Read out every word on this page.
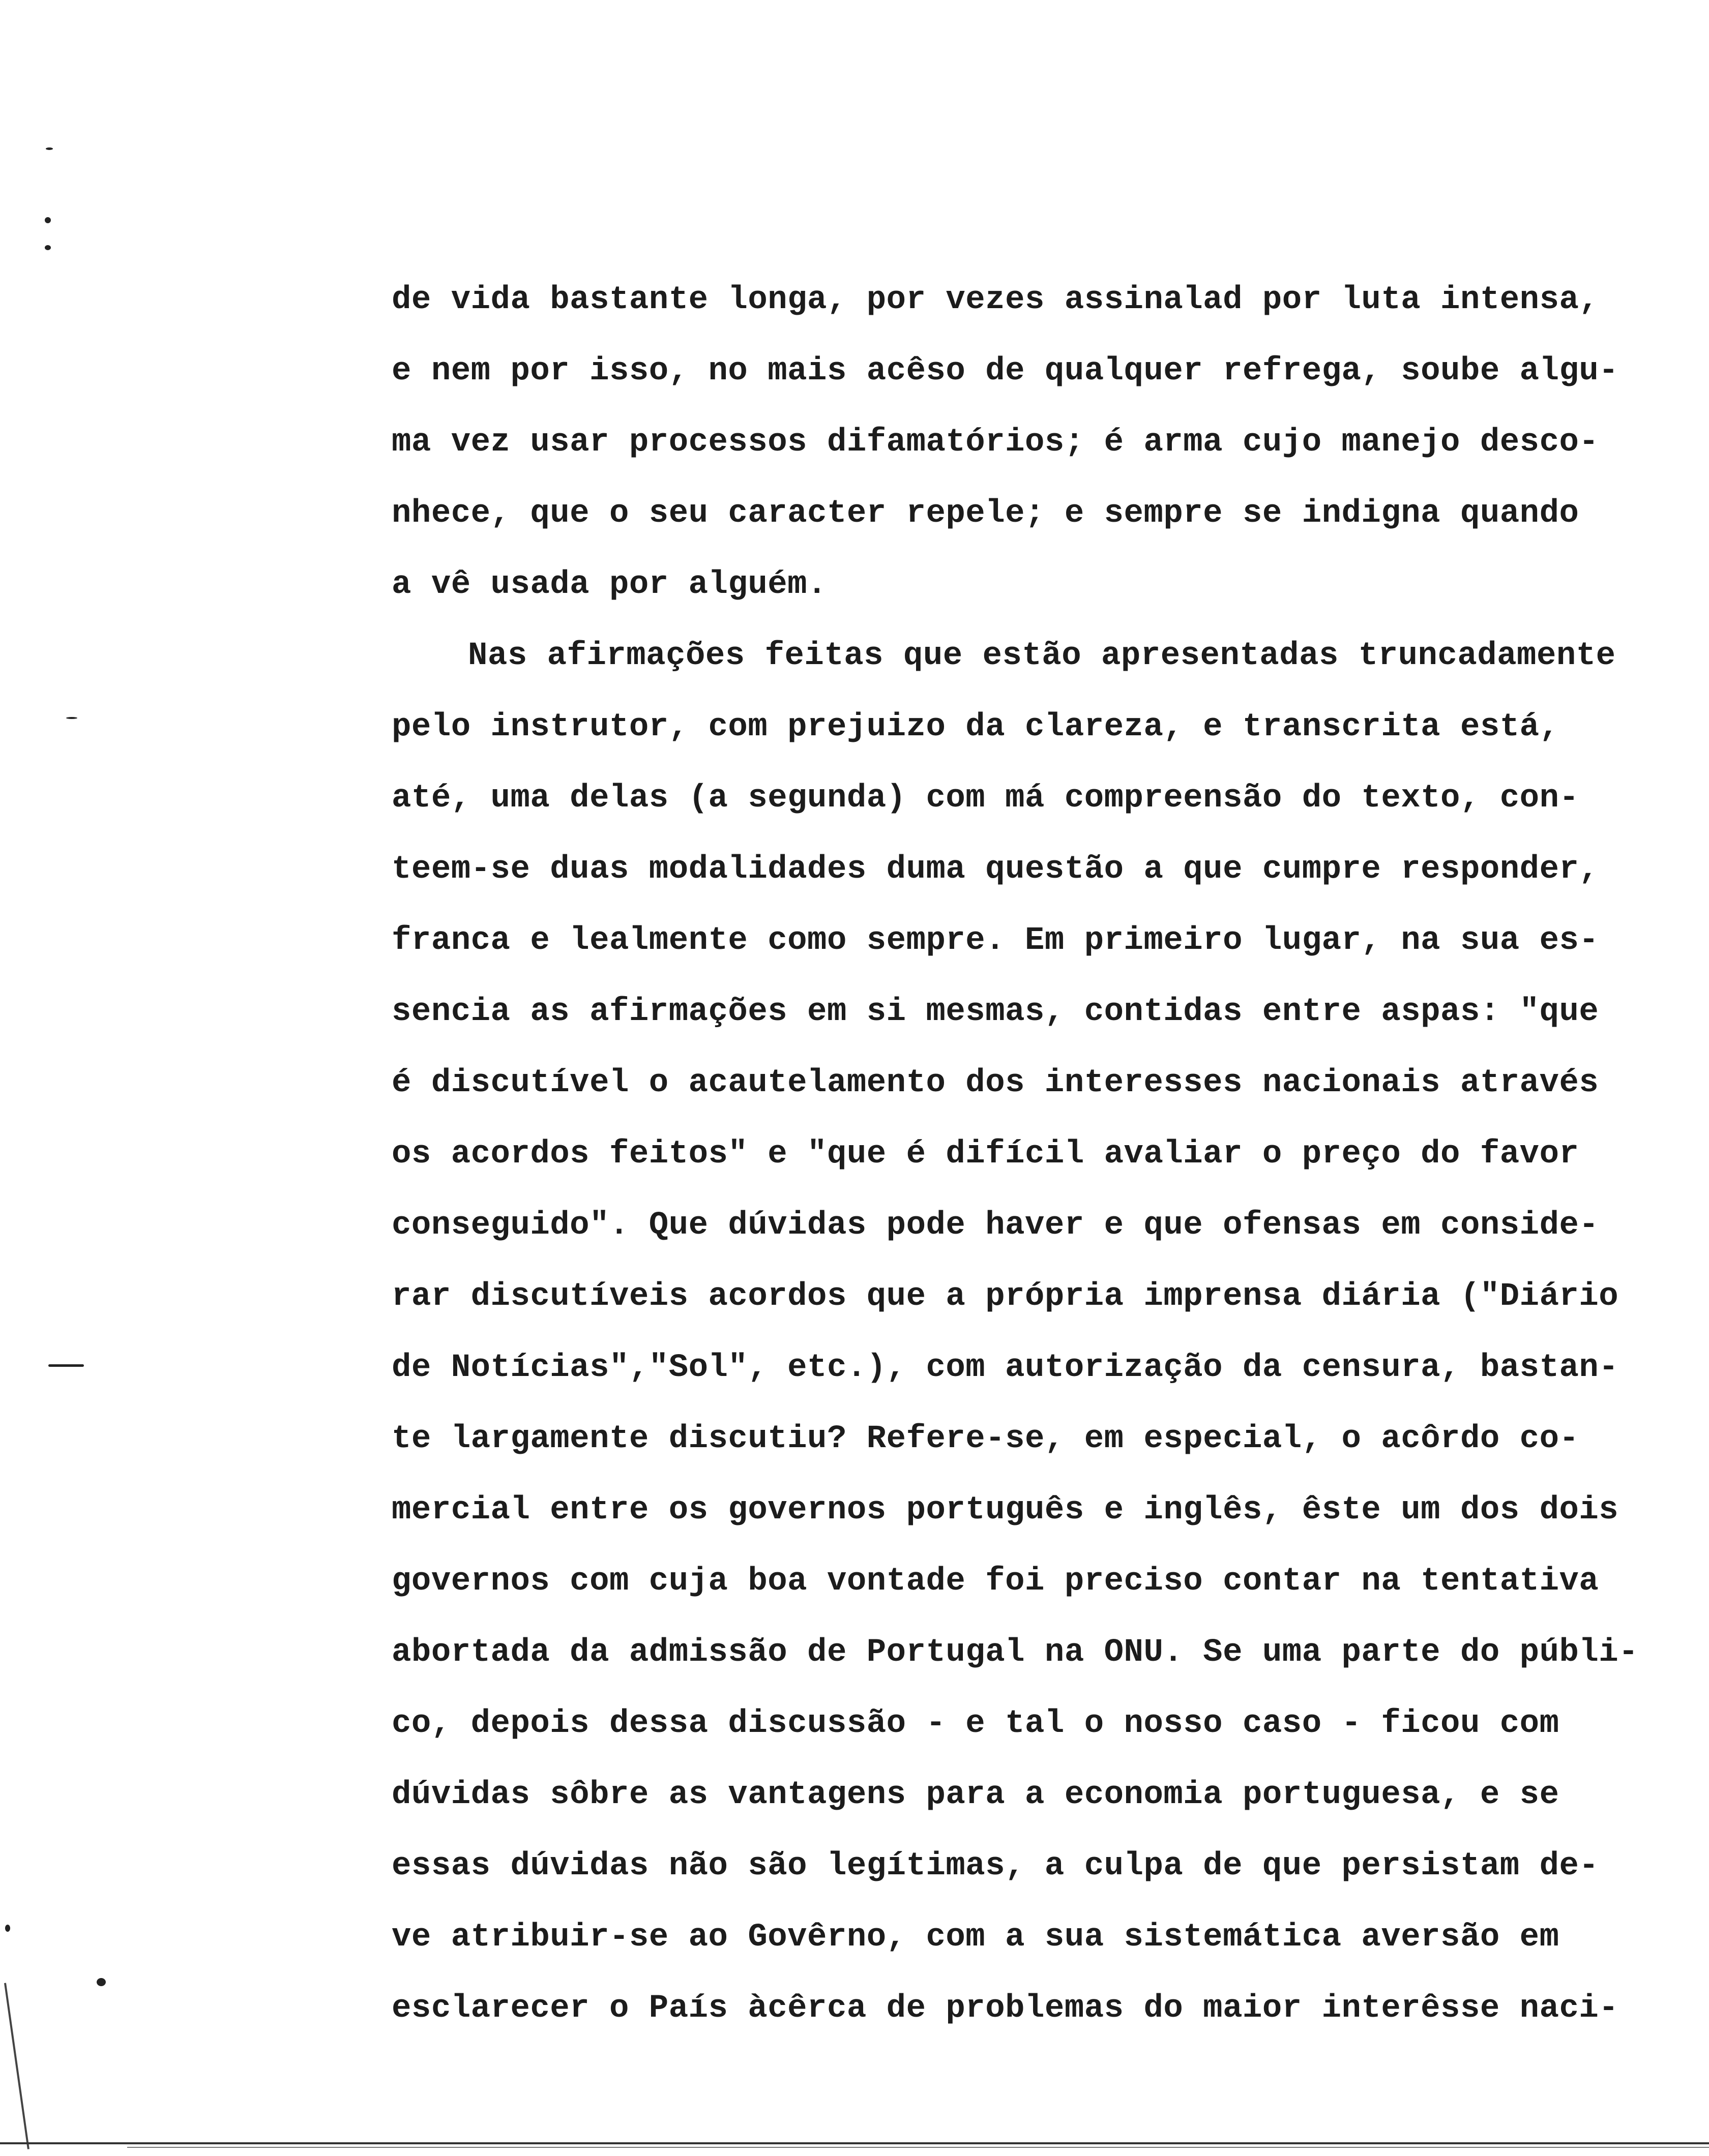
de vida bastante longa, por vezes assinalad por luta intensa,
e nem por isso, no mais acêso de qualquer refrega, soube algu-
ma vez usar processos difamatórios; é arma cujo manejo desco-
nhece, que o seu caracter repele; e sempre se indigna quando
a vê usada por alguém.
Nas afirmações feitas que estão apresentadas truncadamente
pelo instrutor, com prejuizo da clareza, e transcrita está,
até, uma delas (a segunda) com má compreensão do texto, con-
teem-se duas modalidades duma questão a que cumpre responder,
franca e lealmente como sempre. Em primeiro lugar, na sua es-
sencia as afirmações em si mesmas, contidas entre aspas: "que
é discutível o acautelamento dos interesses nacionais através
os acordos feitos" e "que é difícil avaliar o preço do favor
conseguido". Que dúvidas pode haver e que ofensas em conside-
rar discutíveis acordos que a própria imprensa diária ("Diário
de Notícias","Sol", etc.), com autorização da censura, bastan-
te largamente discutiu? Refere-se, em especial, o acôrdo co-
mercial entre os governos português e inglês, êste um dos dois
governos com cuja boa vontade foi preciso contar na tentativa
abortada da admissão de Portugal na ONU. Se uma parte do públi-
co, depois dessa discussão - e tal o nosso caso - ficou com
dúvidas sôbre as vantagens para a economia portuguesa, e se
essas dúvidas não são legítimas, a culpa de que persistam de-
ve atribuir-se ao Govêrno, com a sua sistemática aversão em
esclarecer o País àcêrca de problemas do maior interêsse naci-
